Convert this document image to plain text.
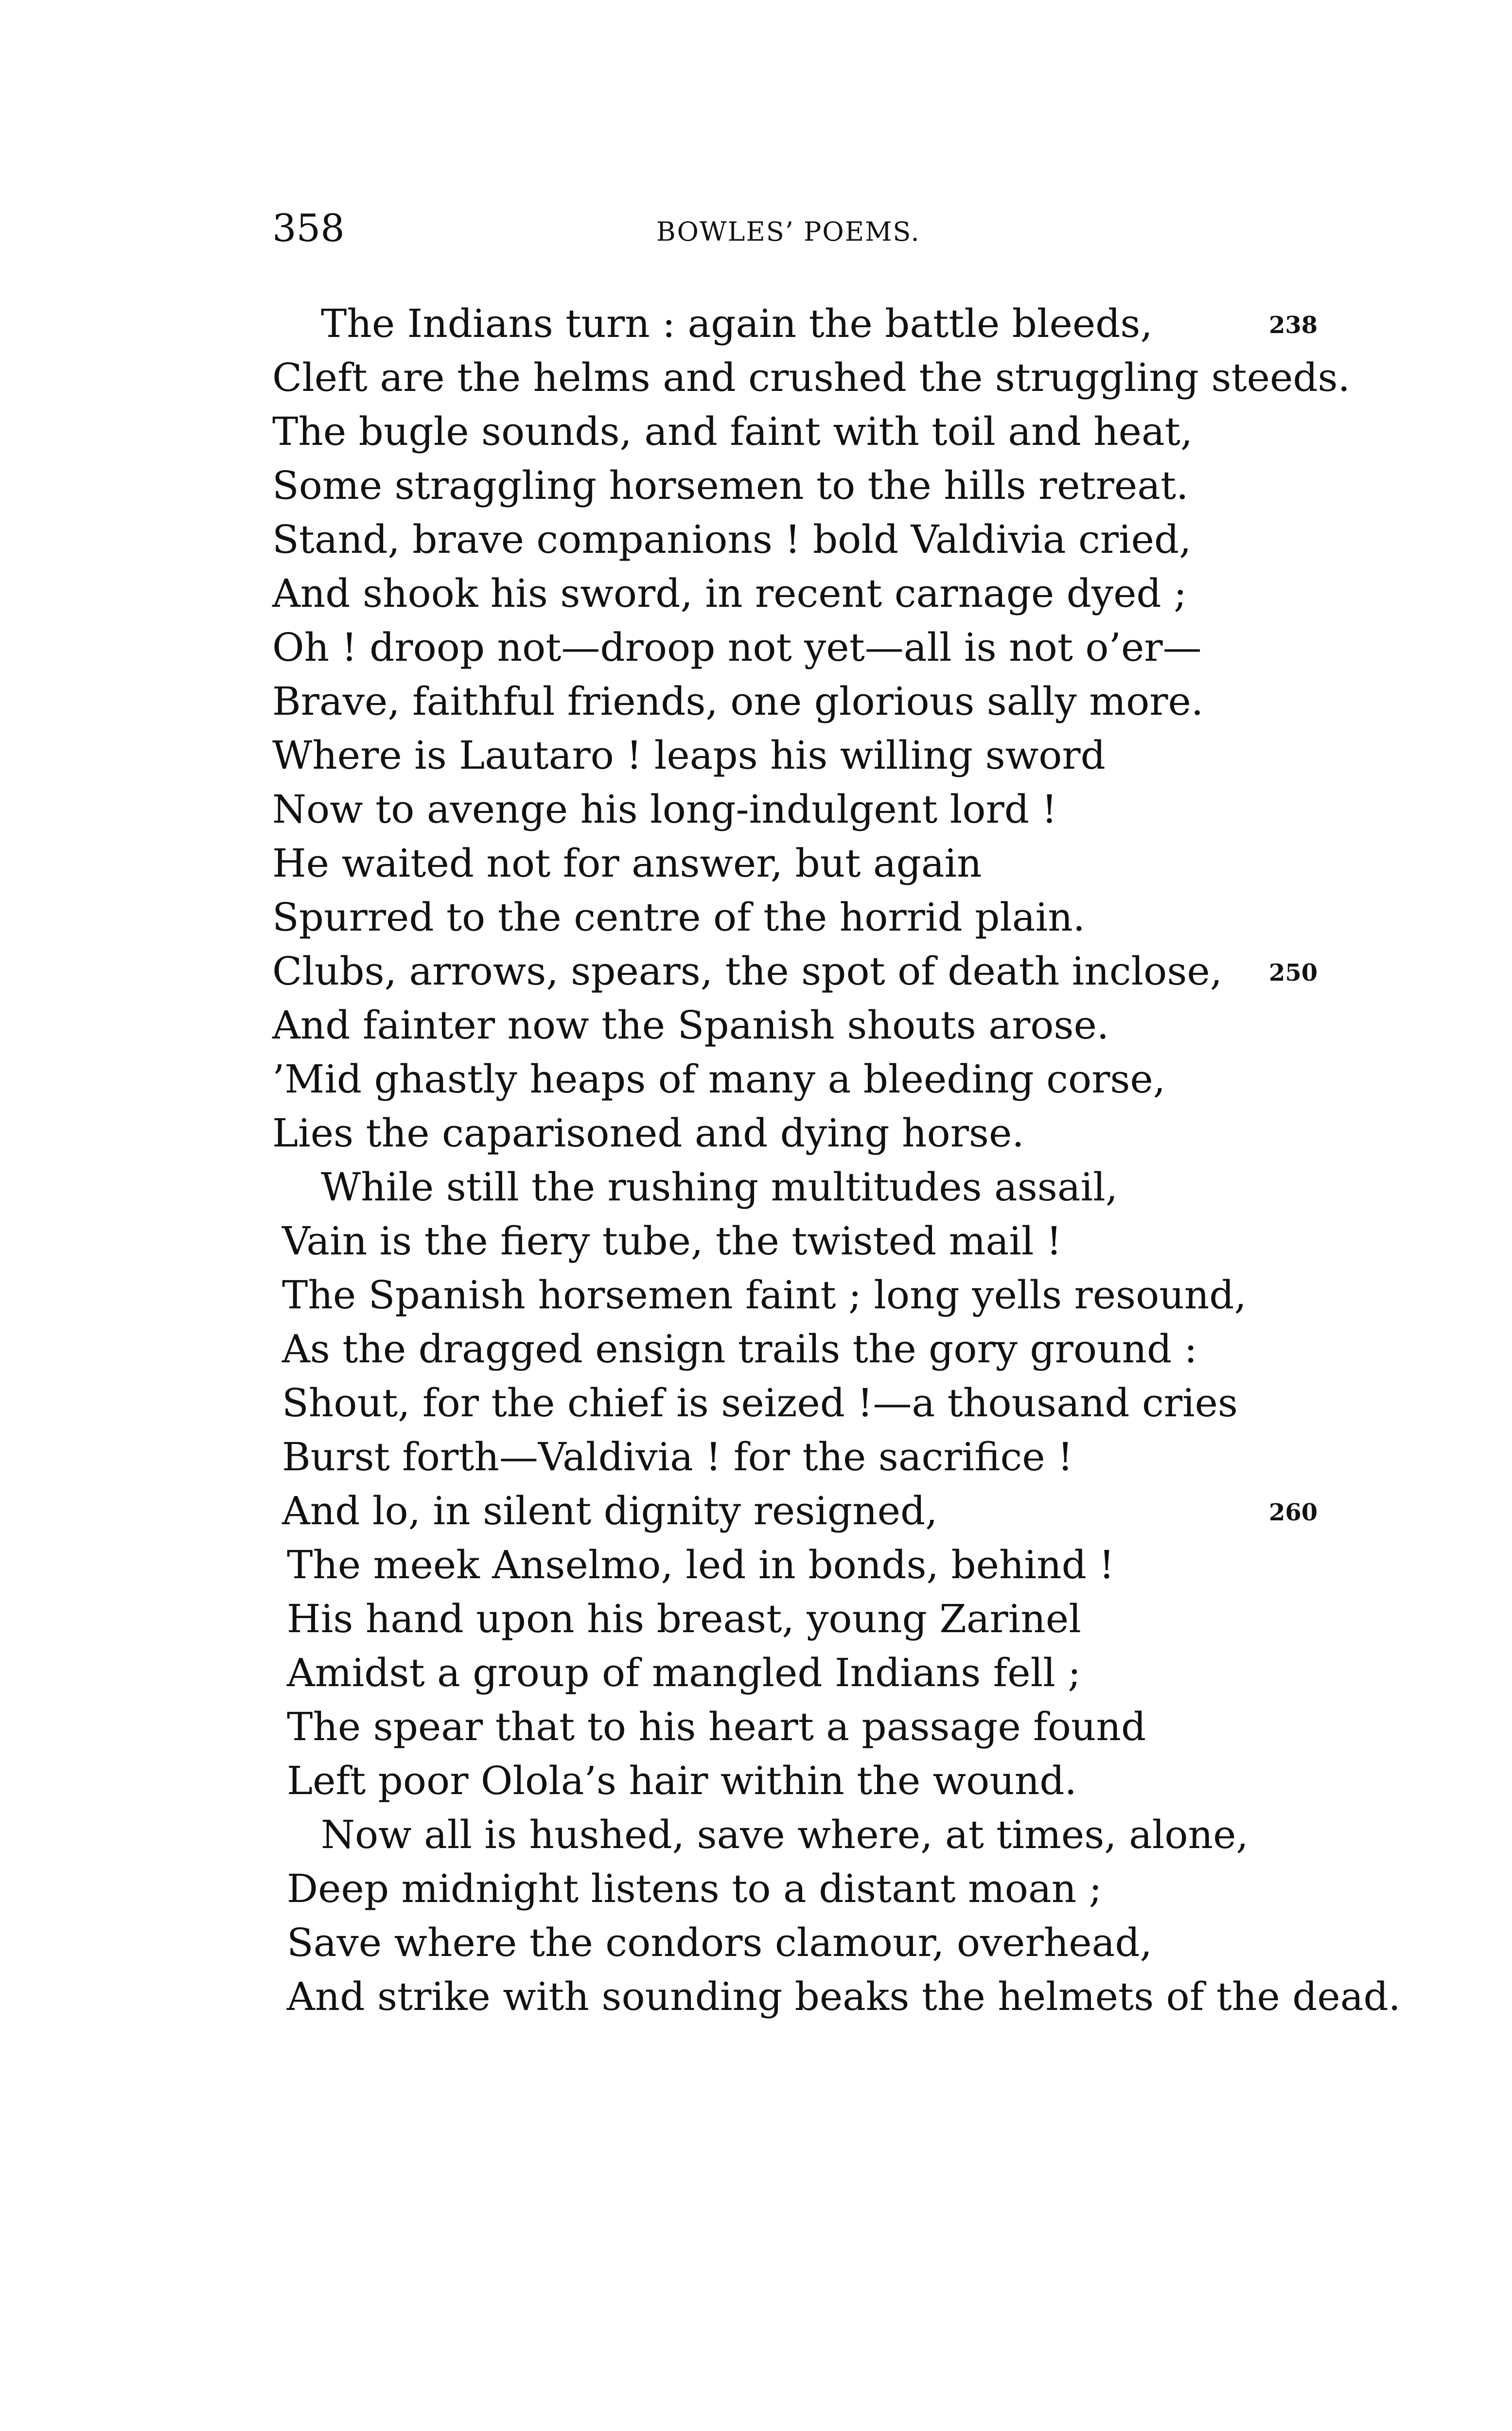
358	BOWLES’ POEMS.
The Indians turn : again the battle bleeds,	238
Cleft are the helms and crushed the struggling steeds.
The bugle sounds, and faint with toil and heat,
Some straggling horsemen to the hills retreat.
Stand, brave companions ! bold Valdivia cried,
And shook his sword, in recent carnage dyed ;
Oh ! droop not—droop not yet—all is not o’er—
Brave, faithful friends, one glorious sally more.
Where is Lautaro ! leaps his willing sword
Now to avenge his long-indulgent lord !
He waited not for answer, but again
Spurred to the centre of the horrid plain.
Clubs, arrows, spears, the spot of death inclose, 250
And fainter now the Spanish shouts arose.
’Mid ghastly heaps of many a bleeding corse,
Lies the caparisoned and dying horse.
While still the rushing multitudes assail,
Vain is the fiery tube, the twisted mail !
The Spanish horsemen faint ; long yells resound,
As the dragged ensign trails the gory ground :
Shout, for the chief is seized !—a thousand cries
Burst forth—Valdivia ! for the sacrifice !
And lo, in silent dignity resigned,	260
The meek Anselmo, led in bonds, behind !
His hand upon his breast, young Zarinel
Amidst a group of mangled Indians fell ;
The spear that to his heart a passage found
Left poor Olola’s hair within the wound.
Now all is hushed, save where, at times, alone,
Deep midnight listens to a distant moan ;
Save where the condors clamour, overhead,
And strike with sounding beaks the helmets of the dead.
